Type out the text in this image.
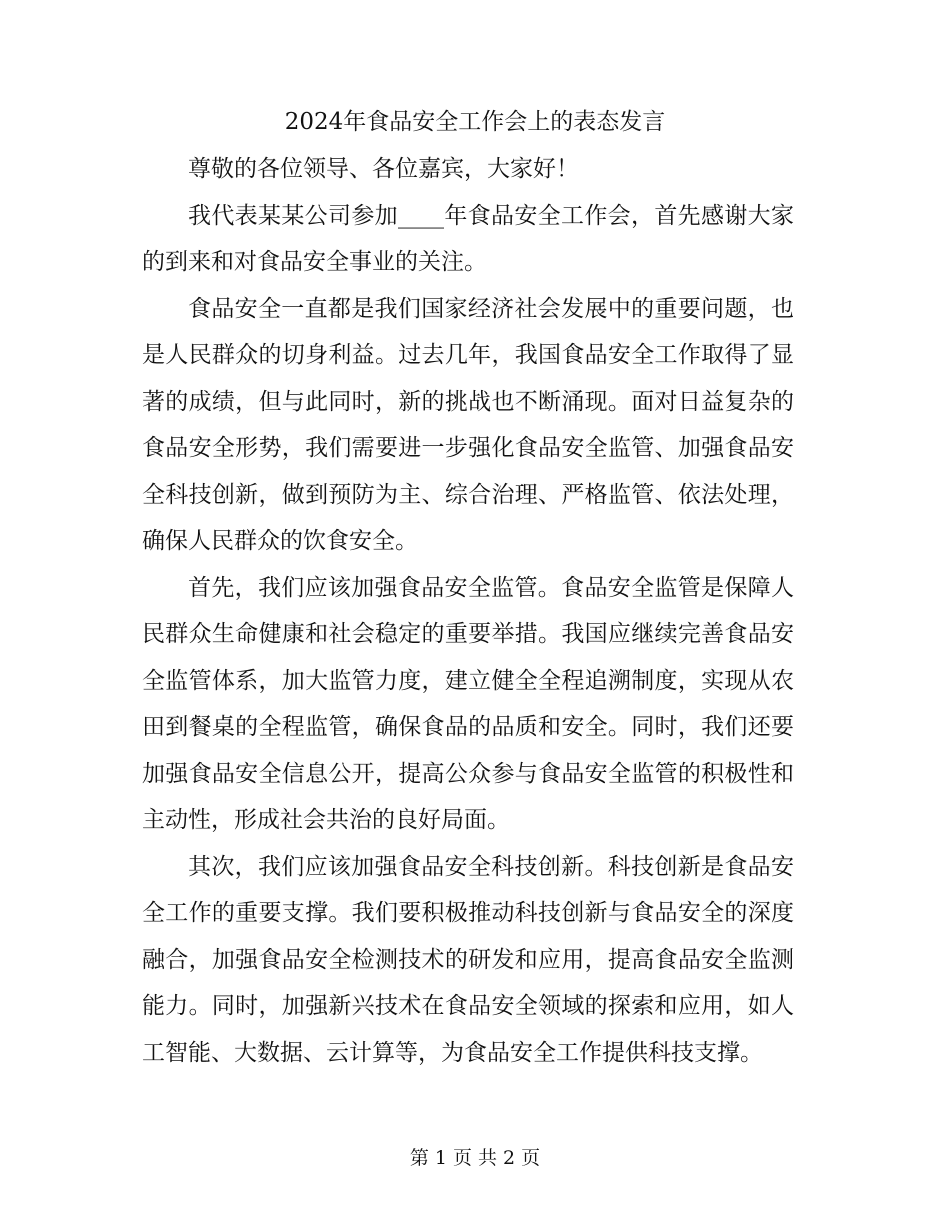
2024年食品安全工作会上的表态发言

尊敬的各位领导、各位嘉宾，大家好！

我代表某某公司参加____年食品安全工作会，首先感谢大家的到来和对食品安全事业的关注。

食品安全一直都是我们国家经济社会发展中的重要问题，也是人民群众的切身利益。过去几年，我国食品安全工作取得了显著的成绩，但与此同时，新的挑战也不断涌现。面对日益复杂的食品安全形势，我们需要进一步强化食品安全监管、加强食品安全科技创新，做到预防为主、综合治理、严格监管、依法处理，确保人民群众的饮食安全。

首先，我们应该加强食品安全监管。食品安全监管是保障人民群众生命健康和社会稳定的重要举措。我国应继续完善食品安全监管体系，加大监管力度，建立健全全程追溯制度，实现从农田到餐桌的全程监管，确保食品的品质和安全。同时，我们还要加强食品安全信息公开，提高公众参与食品安全监管的积极性和主动性，形成社会共治的良好局面。

其次，我们应该加强食品安全科技创新。科技创新是食品安全工作的重要支撑。我们要积极推动科技创新与食品安全的深度融合，加强食品安全检测技术的研发和应用，提高食品安全监测能力。同时，加强新兴技术在食品安全领域的探索和应用，如人工智能、大数据、云计算等，为食品安全工作提供科技支撑。

第 1 页 共 2 页
